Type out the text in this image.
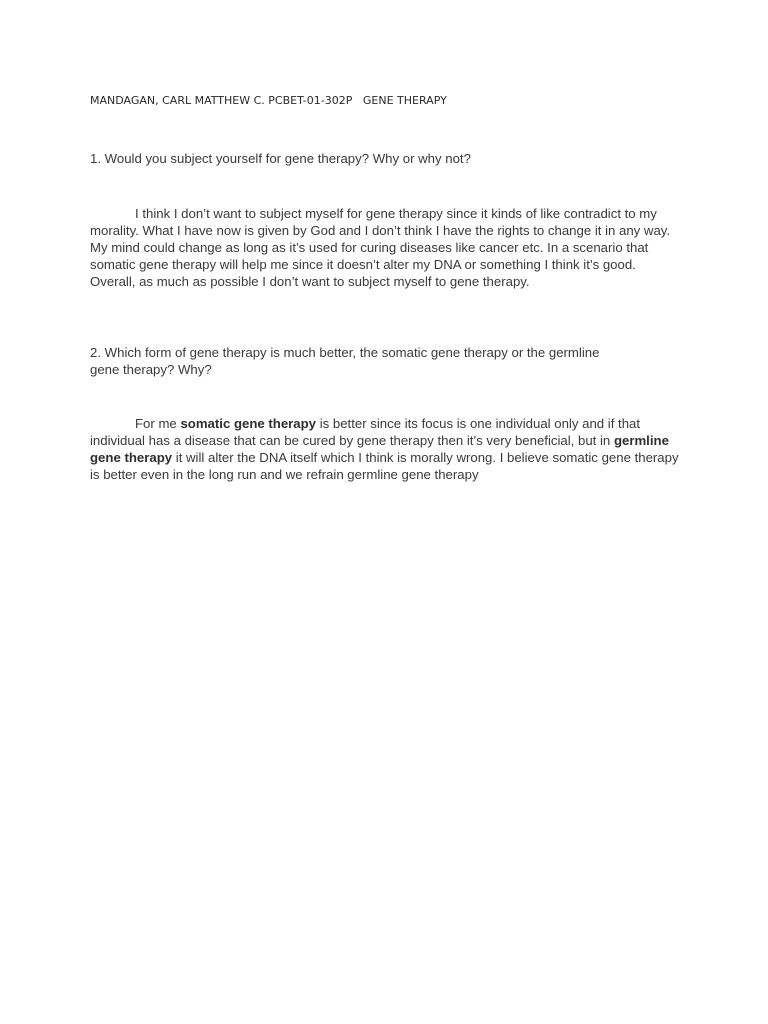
MANDAGAN, CARL MATTHEW C. PCBET-01-302P GENE THERAPY
1. Would you subject yourself for gene therapy? Why or why not?
I think I don’t want to subject myself for gene therapy since it kinds of like contradict to my morality. What I have now is given by God and I don’t think I have the rights to change it in any way. My mind could change as long as it’s used for curing diseases like cancer etc. In a scenario that somatic gene therapy will help me since it doesn’t alter my DNA or something I think it’s good. Overall, as much as possible I don’t want to subject myself to gene therapy.
2. Which form of gene therapy is much better, the somatic gene therapy or the germline
gene therapy? Why?
For me somatic gene therapy is better since its focus is one individual only and if that individual has a disease that can be cured by gene therapy then it’s very beneficial, but in germline gene therapy it will alter the DNA itself which I think is morally wrong. I believe somatic gene therapy is better even in the long run and we refrain germline gene therapy
